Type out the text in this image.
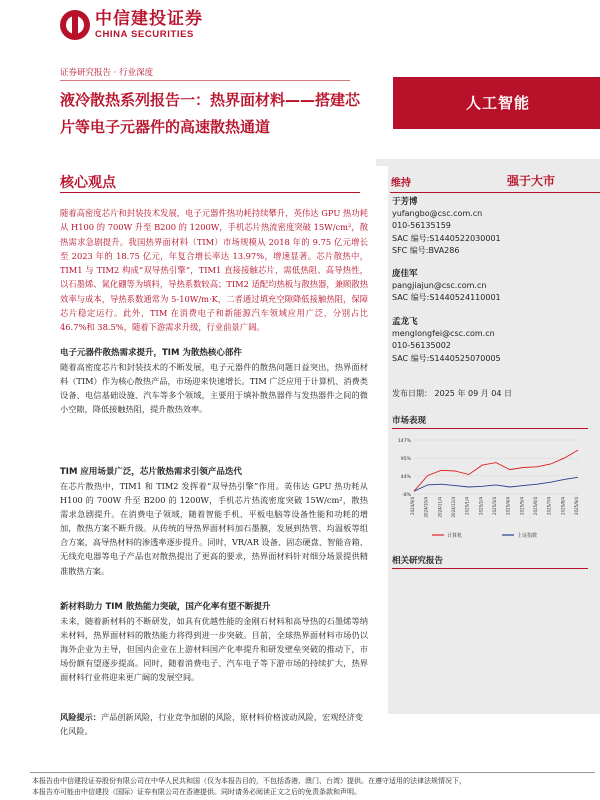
中信建投证券
CHINA SECURITIES
证券研究报告 · 行业深度
液冷散热系列报告一：热界面材料——搭建芯片等电子元器件的高速散热通道
人工智能
维持	强于大市
于芳博
yufangbo@csc.com.cn
010-56135159
SAC 编号:S1440522030001
SFC 编号:BVA286
庞佳军
pangjiajun@csc.com.cn
SAC 编号:S1440524110001
孟龙飞
menglongfei@csc.com.cn
010-56135002
SAC 编号:S1440525070005
发布日期： 2025 年 09 月 04 日
市场表现
147%
95%
44%
-8%
2024/9/4 2024/10/4 2024/11/4 2024/12/4 2025/1/4 2025/2/4 2025/3/4 2025/4/4 2025/5/4 2025/6/4 2025/7/4 2025/8/4 2025/9/4
计算机	上证指数
相关研究报告
核心观点
随着高密度芯片和封装技术发展，电子元器件热功耗持续攀升，英伟达 GPU 热功耗从 H100 的 700W 升至 B200 的 1200W，手机芯片热流密度突破 15W/cm²，散热需求急剧提升。我国热界面材料（TIM）市场规模从 2018 年的 9.75 亿元增长至 2023 年的 18.75 亿元，年复合增长率达 13.97%，增速显著。芯片散热中，TIM1 与 TIM2 构成“双导热引擎”，TIM1 直接接触芯片，需低热阻、高导热性，以石墨烯、氮化硼等为填料，导热系数较高；TIM2 适配均热板与散热器，兼顾散热效率与成本，导热系数通常为 5-10W/m·K，二者通过填充空隙降低接触热阻，保障芯片稳定运行。此外，TIM 在消费电子和新能源汽车领域应用广泛，分别占比 46.7%和 38.5%，随着下游需求升级，行业前景广阔。
电子元器件散热需求提升，TIM 为散热核心部件
随着高密度芯片和封装技术的不断发展，电子元器件的散热问题日益突出，热界面材料（TIM）作为核心散热产品，市场迎来快速增长。TIM 广泛应用于计算机、消费类设备、电信基础设施、汽车等多个领域，主要用于填补散热器件与发热器件之间的微小空隙，降低接触热阻，提升散热效率。
TIM 应用场景广泛，芯片散热需求引领产品迭代
在芯片散热中，TIM1 和 TIM2 发挥着“双导热引擎”作用。英伟达 GPU 热功耗从 H100 的 700W 升至 B200 的 1200W，手机芯片热流密度突破 15W/cm²，散热需求急剧提升。在消费电子领域，随着智能手机、平板电脑等设备性能和功耗的增加，散热方案不断升级。从传统的导热界面材料加石墨膜，发展到热管、均温板等组合方案，高导热材料的渗透率逐步提升。同时，VR/AR 设备、固态硬盘、智能音箱、无线充电器等电子产品也对散热提出了更高的要求，热界面材料针对细分场景提供精准散热方案。
新材料助力 TIM 散热能力突破，国产化率有望不断提升
未来，随着新材料的不断研发，如具有优越性能的金刚石材料和高导热的石墨烯等纳米材料，热界面材料的散热能力将得到进一步突破。目前，全球热界面材料市场仍以海外企业为主导，但国内企业在上游材料国产化率提升和研发壁垒突破的推动下，市场份额有望逐步提高。同时，随着消费电子、汽车电子等下游市场的持续扩大，热界面材料行业将迎来更广阔的发展空间。
风险提示：产品创新风险，行业竞争加剧的风险，原材料价格波动风险，宏观经济变化风险。
本报告由中信建投证券股份有限公司在中华人民共和国（仅为本报告目的，不包括香港、澳门、台湾）提供。在遵守适用的法律法规情况下，
本报告亦可能由中信建投（国际）证券有限公司在香港提供。同时请务必阅读正文之后的免责条款和声明。
